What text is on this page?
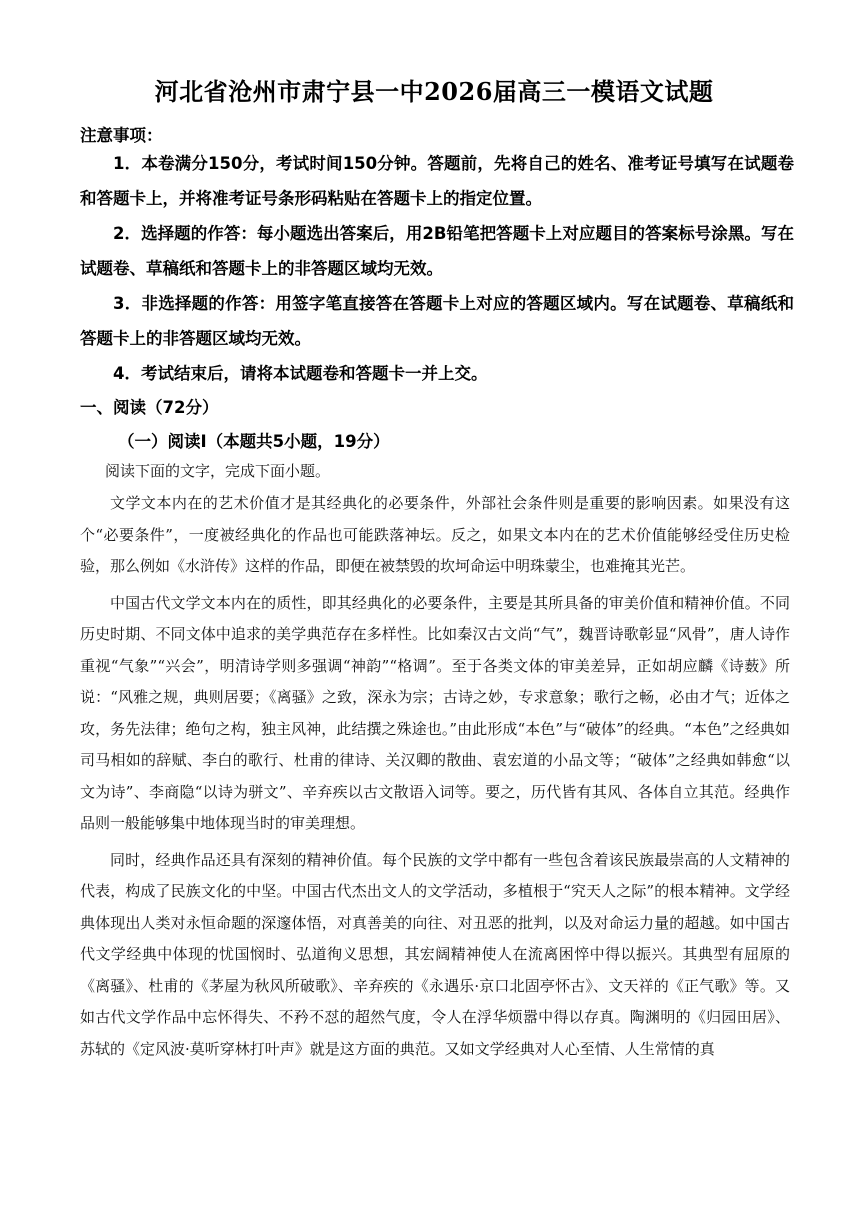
河北省沧州市肃宁县一中2026届高三一模语文试题
注意事项：

1．本卷满分150分，考试时间150分钟。答题前，先将自己的姓名、准考证号填写在试题卷和答题卡上，并将准考证号条形码粘贴在答题卡上的指定位置。

2．选择题的作答：每小题选出答案后，用2B铅笔把答题卡上对应题目的答案标号涂黑。写在试题卷、草稿纸和答题卡上的非答题区域均无效。

3．非选择题的作答：用签字笔直接答在答题卡上对应的答题区域内。写在试题卷、草稿纸和答题卡上的非答题区域均无效。

4．考试结束后，请将本试题卷和答题卡一并上交。

一、阅读（72分）
（一）阅读Ⅰ（本题共5小题，19分）
阅读下面的文字，完成下面小题。

文学文本内在的艺术价值才是其经典化的必要条件，外部社会条件则是重要的影响因素。如果没有这个“必要条件”，一度被经典化的作品也可能跌落神坛。反之，如果文本内在的艺术价值能够经受住历史检验，那么例如《水浒传》这样的作品，即便在被禁毁的坎坷命运中明珠蒙尘，也难掩其光芒。

中国古代文学文本内在的质性，即其经典化的必要条件，主要是其所具备的审美价值和精神价值。不同历史时期、不同文体中追求的美学典范存在多样性。比如秦汉古文尚“气”，魏晋诗歌彰显“风骨”，唐人诗作重视“气象”“兴会”，明清诗学则多强调“神韵”“格调”。至于各类文体的审美差异，正如胡应麟《诗薮》所说：“风雅之规，典则居要；《离骚》之致，深永为宗；古诗之妙，专求意象；歌行之畅，必由才气；近体之攻，务先法律；绝句之构，独主风神，此结撰之殊途也。”由此形成“本色”与“破体”的经典。“本色”之经典如司马相如的辞赋、李白的歌行、杜甫的律诗、关汉卿的散曲、袁宏道的小品文等；“破体”之经典如韩愈“以文为诗”、李商隐“以诗为骈文”、辛弃疾以古文散语入词等。要之，历代皆有其风、各体自立其范。经典作品则一般能够集中地体现当时的审美理想。

同时，经典作品还具有深刻的精神价值。每个民族的文学中都有一些包含着该民族最崇高的人文精神的代表，构成了民族文化的中坚。中国古代杰出文人的文学活动，多植根于“究天人之际”的根本精神。文学经典体现出人类对永恒命题的深邃体悟，对真善美的向往、对丑恶的批判，以及对命运力量的超越。如中国古代文学经典中体现的忧国悯时、弘道徇义思想，其宏阔精神使人在流离困悴中得以振兴。其典型有屈原的《离骚》、杜甫的《茅屋为秋风所破歌》、辛弃疾的《永遇乐·京口北固亭怀古》、文天祥的《正气歌》等。又如古代文学作品中忘怀得失、不矜不怼的超然气度，令人在浮华烦嚣中得以存真。陶渊明的《归园田居》、苏轼的《定风波·莫听穿林打叶声》就是这方面的典范。又如文学经典对人心至情、人生常情的真
